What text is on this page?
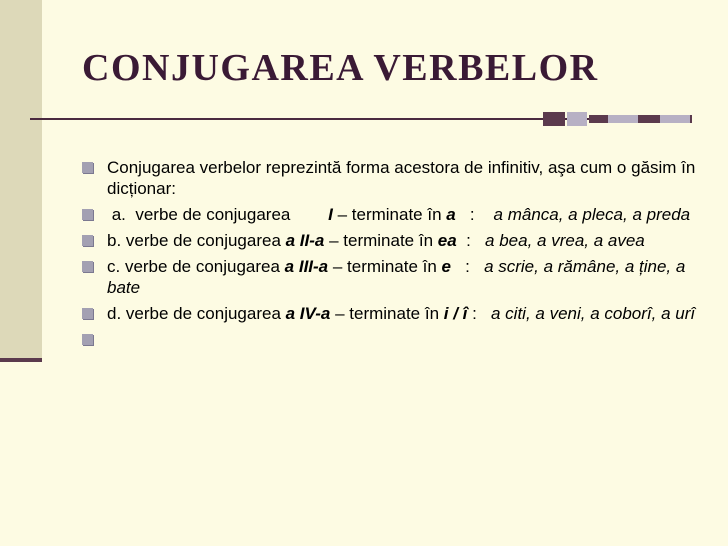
CONJUGAREA VERBELOR
Conjugarea verbelor reprezintă forma acestora de infinitiv, aşa cum o găsim în dicționar:
a.  verbe de conjugarea        I – terminate în a   :    a mânca, a pleca, a preda
b. verbe de conjugarea a II-a – terminate în ea  :   a bea, a vrea, a avea
c. verbe de conjugarea a III-a – terminate în e   :   a scrie, a rămâne, a ține, a bate
d. verbe de conjugarea a IV-a – terminate în i / î :   a citi, a veni, a coborî, a urî
